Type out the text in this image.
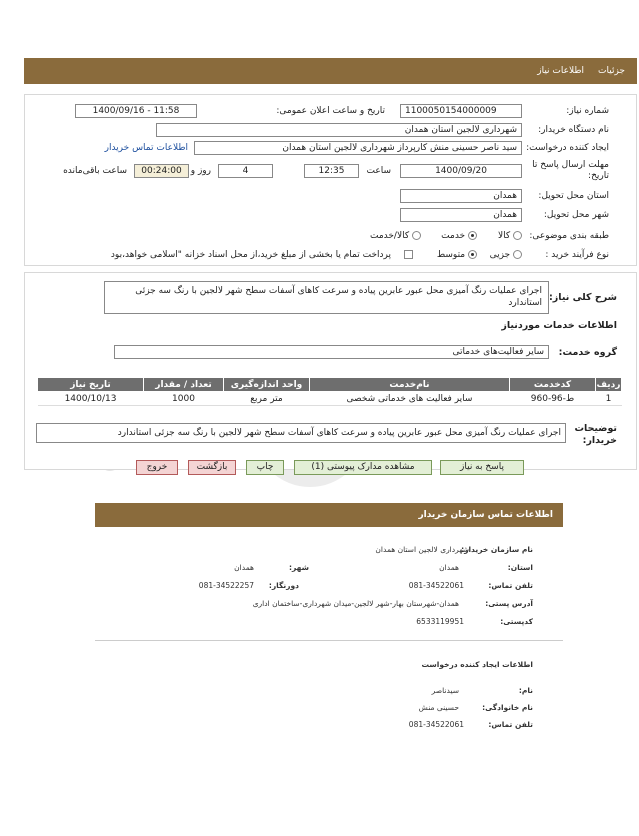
جزئیات
اطلاعات نیاز
شماره نیاز:
1100050154000009
تاریخ و ساعت اعلان عمومی:
1400/09/16 - 11:58
نام دستگاه خریدار:
شهرداری لالجین استان همدان
ایجاد کننده درخواست:
سید ناصر حسینی منش کارپرداز شهرداری لالجین استان همدان
اطلاعات تماس خریدار
مهلت ارسال پاسخ تا تاریخ:
1400/09/20
ساعت
12:35
4
روز و
00:24:00
ساعت باقی‌مانده
استان محل تحویل:
همدان
شهر محل تحویل:
همدان
طبقه بندی موضوعی:
کالا
خدمت
کالا/خدمت
نوع فرآیند خرید :
جزیی
متوسط
پرداخت تمام یا بخشی از مبلغ خرید،از محل اسناد خزانه "اسلامی خواهد،بود
شرح کلی نیاز:
اجرای عملیات رنگ آمیزی محل عبور عابرین پیاده و سرعت کاهای آسفات سطح شهر لالجین با رنگ سه جزئی استاندارد
اطلاعات خدمات موردنیاز
گروه خدمت:
سایر فعالیت‌های خدماتی
ردیف	کدخدمت	نام‌خدمت	واحد اندازه‌گیری	تعداد / مقدار	تاریخ نیاز
1	ط-96-960	سایر فعالیت های خدماتی شخصی	متر مربع	1000	1400/10/13
توضیحات خریدار:
اجرای عملیات رنگ آمیزی محل عبور عابرین پیاده و سرعت کاهای آسفات سطح شهر لالجین با رنگ سه جزئی استاندارد
پاسخ به نیاز
مشاهده مدارک پیوستی (1)
چاپ
بازگشت
خروج
اطلاعات تماس سازمان خریدار
نام سازمان خریدار:
شهرداری لالجین استان همدان
استان:
همدان
شهر:
همدان
تلفن تماس:
081-34522061
دورنگار:
081-34522257
آدرس پستی:
همدان-شهرستان بهار-شهر لالجین-میدان شهرداری-ساختمان اداری
کدپستی:
6533119951
اطلاعات ایجاد کننده درخواست
نام:
سیدناصر
نام خانوادگی:
حسینی منش
تلفن تماس:
081-34522061
